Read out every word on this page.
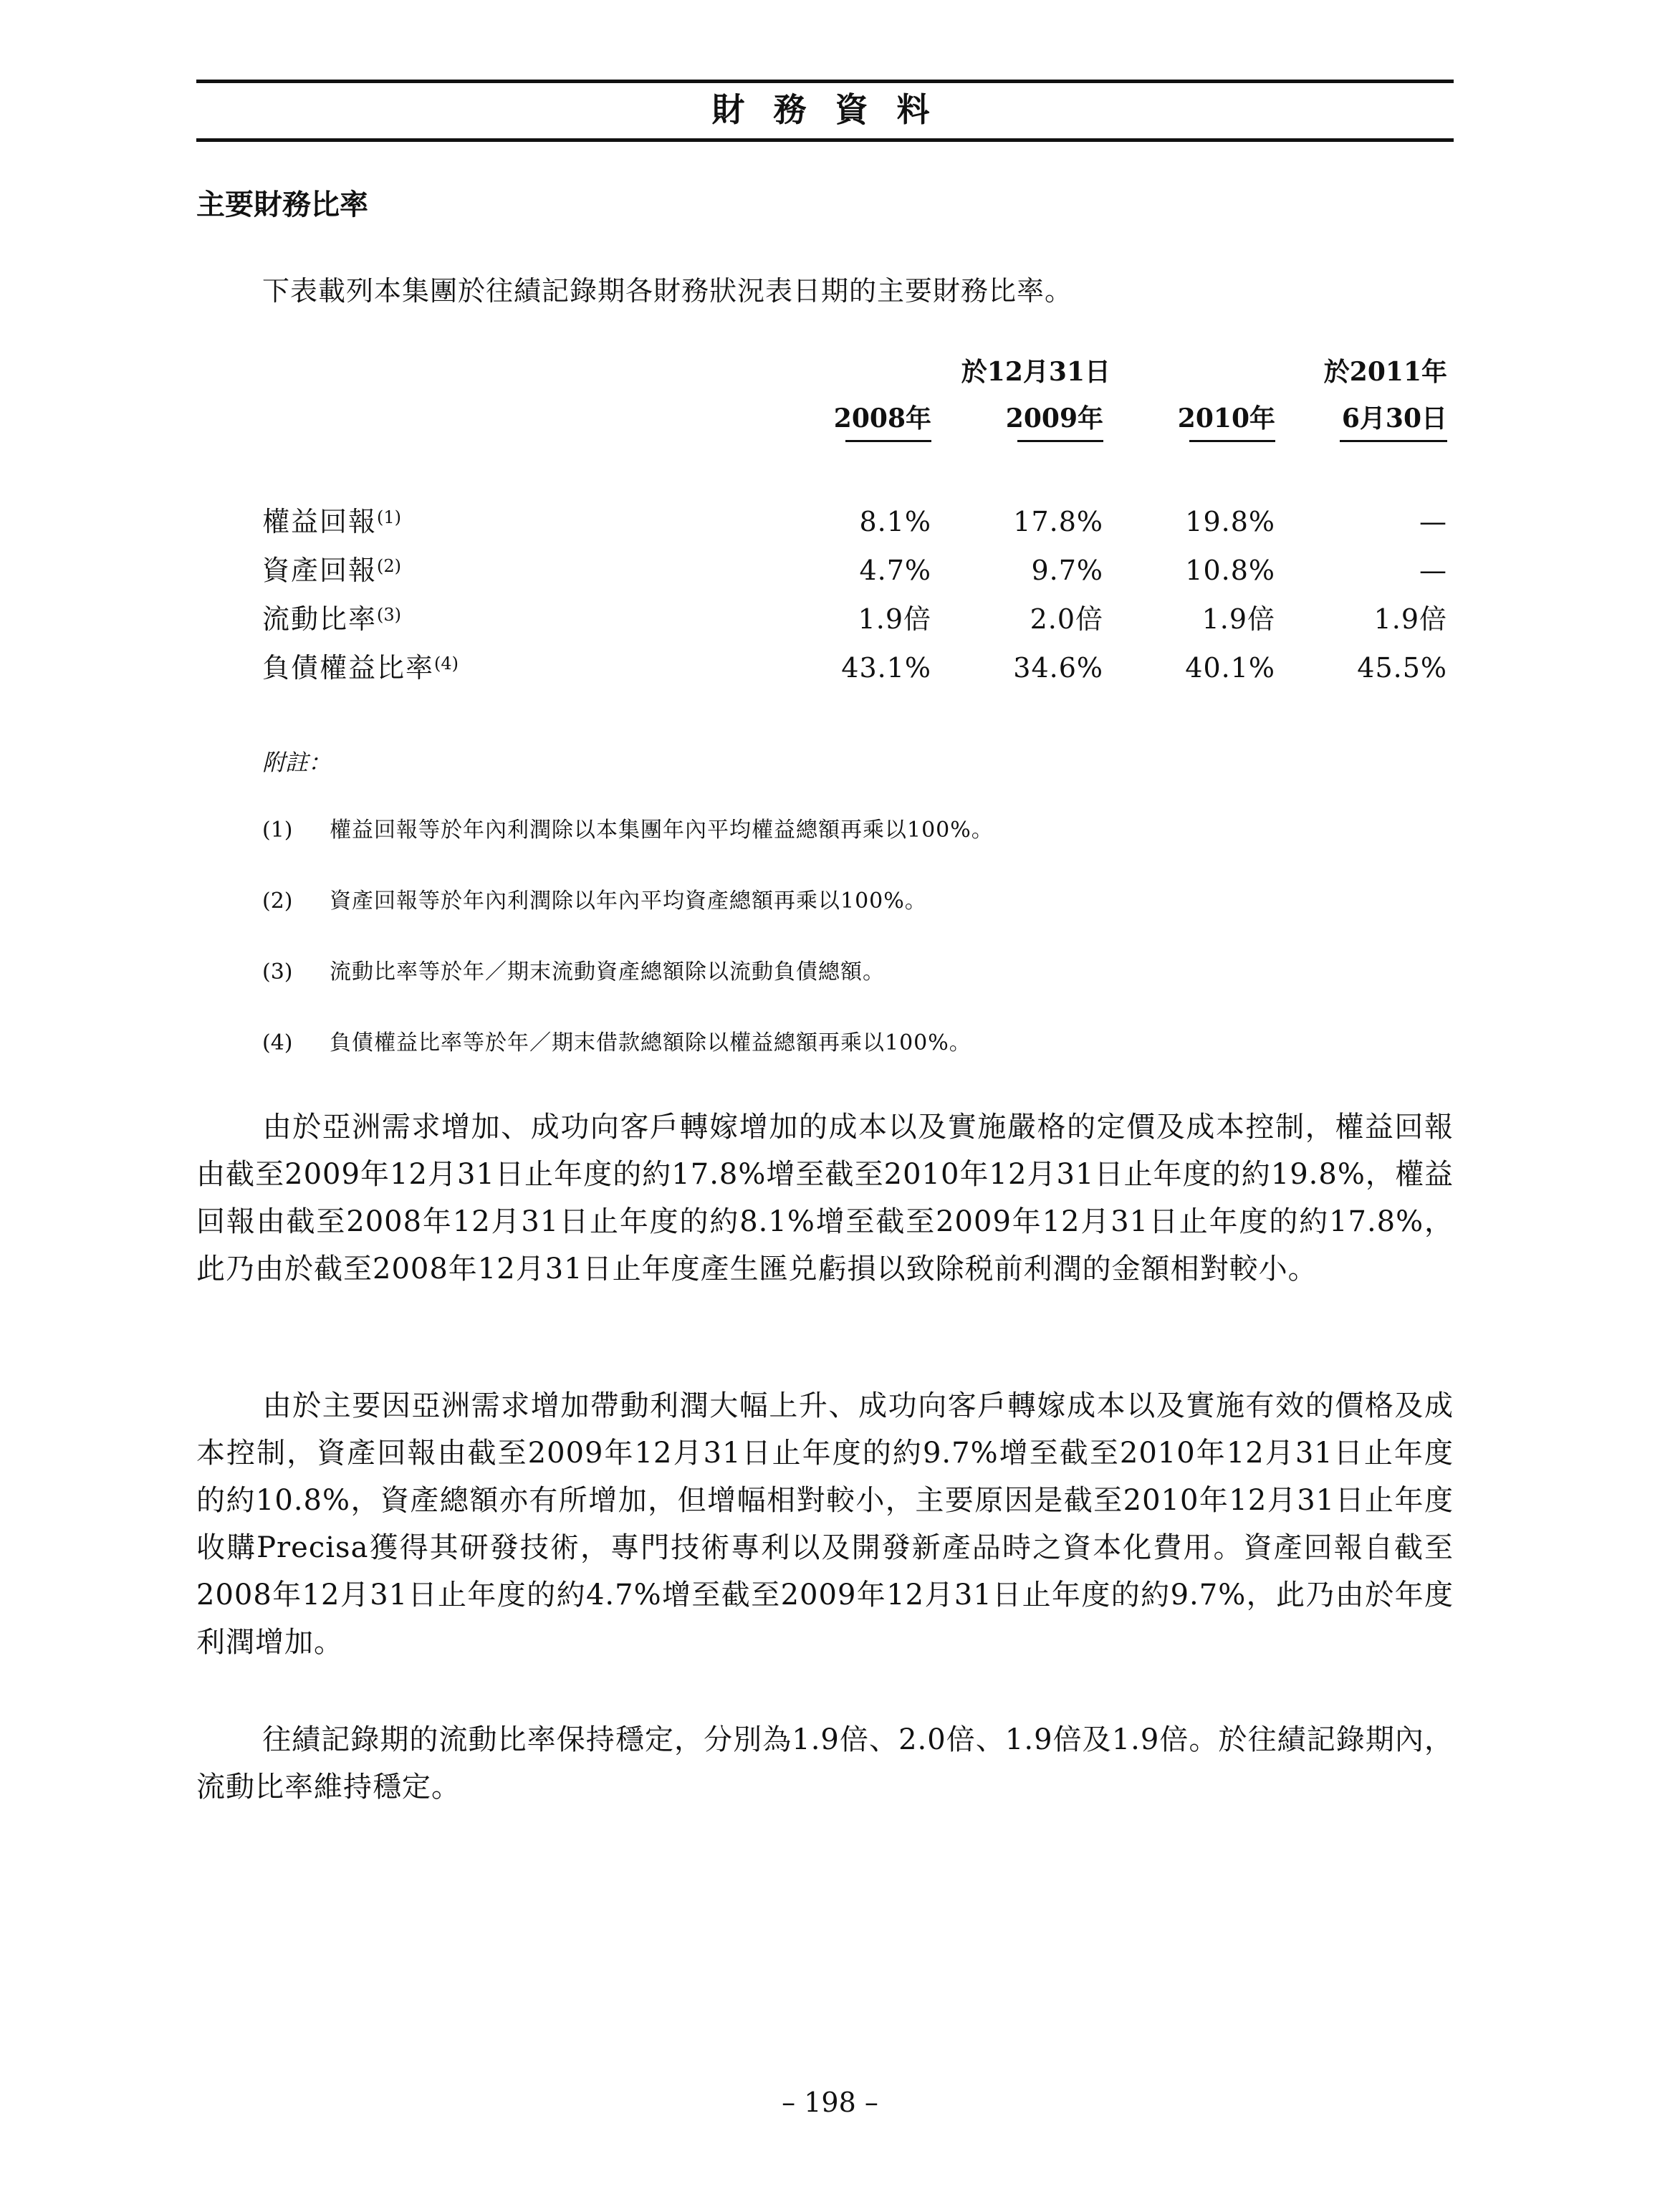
財 務 資 料
主要財務比率
下表載列本集團於往績記錄期各財務狀況表日期的主要財務比率。
於12月31日	於2011年
2008年	2009年	2010年	6月30日
權益回報$^{(1)}$	8.1%	17.8%	19.8%	—
資產回報$^{(2)}$	4.7%	9.7%	10.8%	—
流動比率$^{(3)}$	1.9倍	2.0倍	1.9倍	1.9倍
負債權益比率$^{(4)}$	43.1%	34.6%	40.1%	45.5%
附註：
(1) 權益回報等於年內利潤除以本集團年內平均權益總額再乘以100%。
(2) 資產回報等於年內利潤除以年內平均資產總額再乘以100%。
(3) 流動比率等於年／期末流動資產總額除以流動負債總額。
(4) 負債權益比率等於年／期末借款總額除以權益總額再乘以100%。
由於亞洲需求增加、成功向客戶轉嫁增加的成本以及實施嚴格的定價及成本控制，權益回報由截至2009年12月31日止年度的約17.8%增至截至2010年12月31日止年度的約19.8%，權益回報由截至2008年12月31日止年度的約8.1%增至截至2009年12月31日止年度的約17.8%，此乃由於截至2008年12月31日止年度產生匯兑虧損以致除税前利潤的金額相對較小。
由於主要因亞洲需求增加帶動利潤大幅上升、成功向客戶轉嫁成本以及實施有效的價格及成本控制，資產回報由截至2009年12月31日止年度的約9.7%增至截至2010年12月31日止年度的約10.8%，資產總額亦有所增加，但增幅相對較小，主要原因是截至2010年12月31日止年度收購Precisa獲得其研發技術，專門技術專利以及開發新產品時之資本化費用。資產回報自截至2008年12月31日止年度的約4.7%增至截至2009年12月31日止年度的約9.7%，此乃由於年度利潤增加。
往績記錄期的流動比率保持穩定，分別為1.9倍、2.0倍、1.9倍及1.9倍。於往績記錄期內，流動比率維持穩定。
– 198 –
